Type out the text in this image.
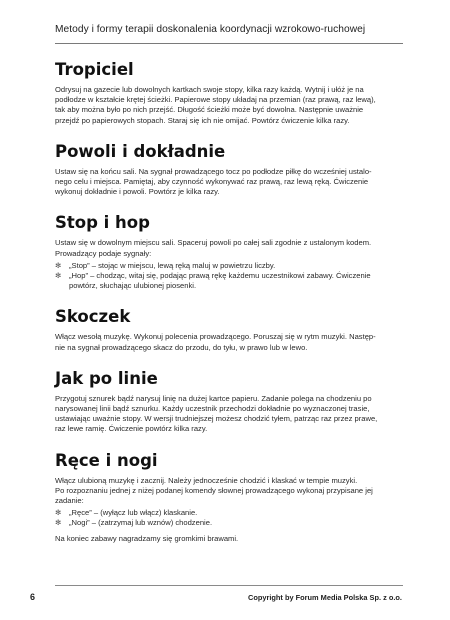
Metody i formy terapii doskonalenia koordynacji wzrokowo-ruchowej
Tropiciel

Odrysuj na gazecie lub dowolnych kartkach swoje stopy, kilka razy każdą. Wytnij i ułóż je na
podłodze w kształcie krętej ścieżki. Papierowe stopy układaj na przemian (raz prawą, raz lewą),
tak aby można było po nich przejść. Długość ścieżki może być dowolna. Następnie uważnie
przejdź po papierowych stopach. Staraj się ich nie omijać. Powtórz ćwiczenie kilka razy.

Powoli i dokładnie

Ustaw się na końcu sali. Na sygnał prowadzącego tocz po podłodze piłkę do wcześniej ustalo-
nego celu i miejsca. Pamiętaj, aby czynność wykonywać raz prawą, raz lewą ręką. Ćwiczenie
wykonuj dokładnie i powoli. Powtórz je kilka razy.

Stop i hop

Ustaw się w dowolnym miejscu sali. Spaceruj powoli po całej sali zgodnie z ustalonym kodem.
Prowadzący podaje sygnały:

✻ „Stop” – stojąc w miejscu, lewą ręką maluj w powietrzu liczby.
✻ „Hop” – chodząc, witaj się, podając prawą rękę każdemu uczestnikowi zabawy. Ćwiczenie
powtórz, słuchając ulubionej piosenki.
Skoczek

Włącz wesołą muzykę. Wykonuj polecenia prowadzącego. Poruszaj się w rytm muzyki. Następ-
nie na sygnał prowadzącego skacz do przodu, do tyłu, w prawo lub w lewo.

Jak po linie

Przygotuj sznurek bądź narysuj linię na dużej kartce papieru. Zadanie polega na chodzeniu po
narysowanej linii bądź sznurku. Każdy uczestnik przechodzi dokładnie po wyznaczonej trasie,
ustawiając uważnie stopy. W wersji trudniejszej możesz chodzić tyłem, patrząc raz przez prawe,
raz lewe ramię. Ćwiczenie powtórz kilka razy.

Ręce i nogi

Włącz ulubioną muzykę i zacznij. Należy jednocześnie chodzić i klaskać w tempie muzyki.
Po rozpoznaniu jednej z niżej podanej komendy słownej prowadzącego wykonaj przypisane jej
zadanie:

✻ „Ręce” – (wyłącz lub włącz) klaskanie.
✻ „Nogi” – (zatrzymaj lub wznów) chodzenie.

Na koniec zabawy nagradzamy się gromkimi brawami.

6	Copyright by Forum Media Polska Sp. z o.o.
